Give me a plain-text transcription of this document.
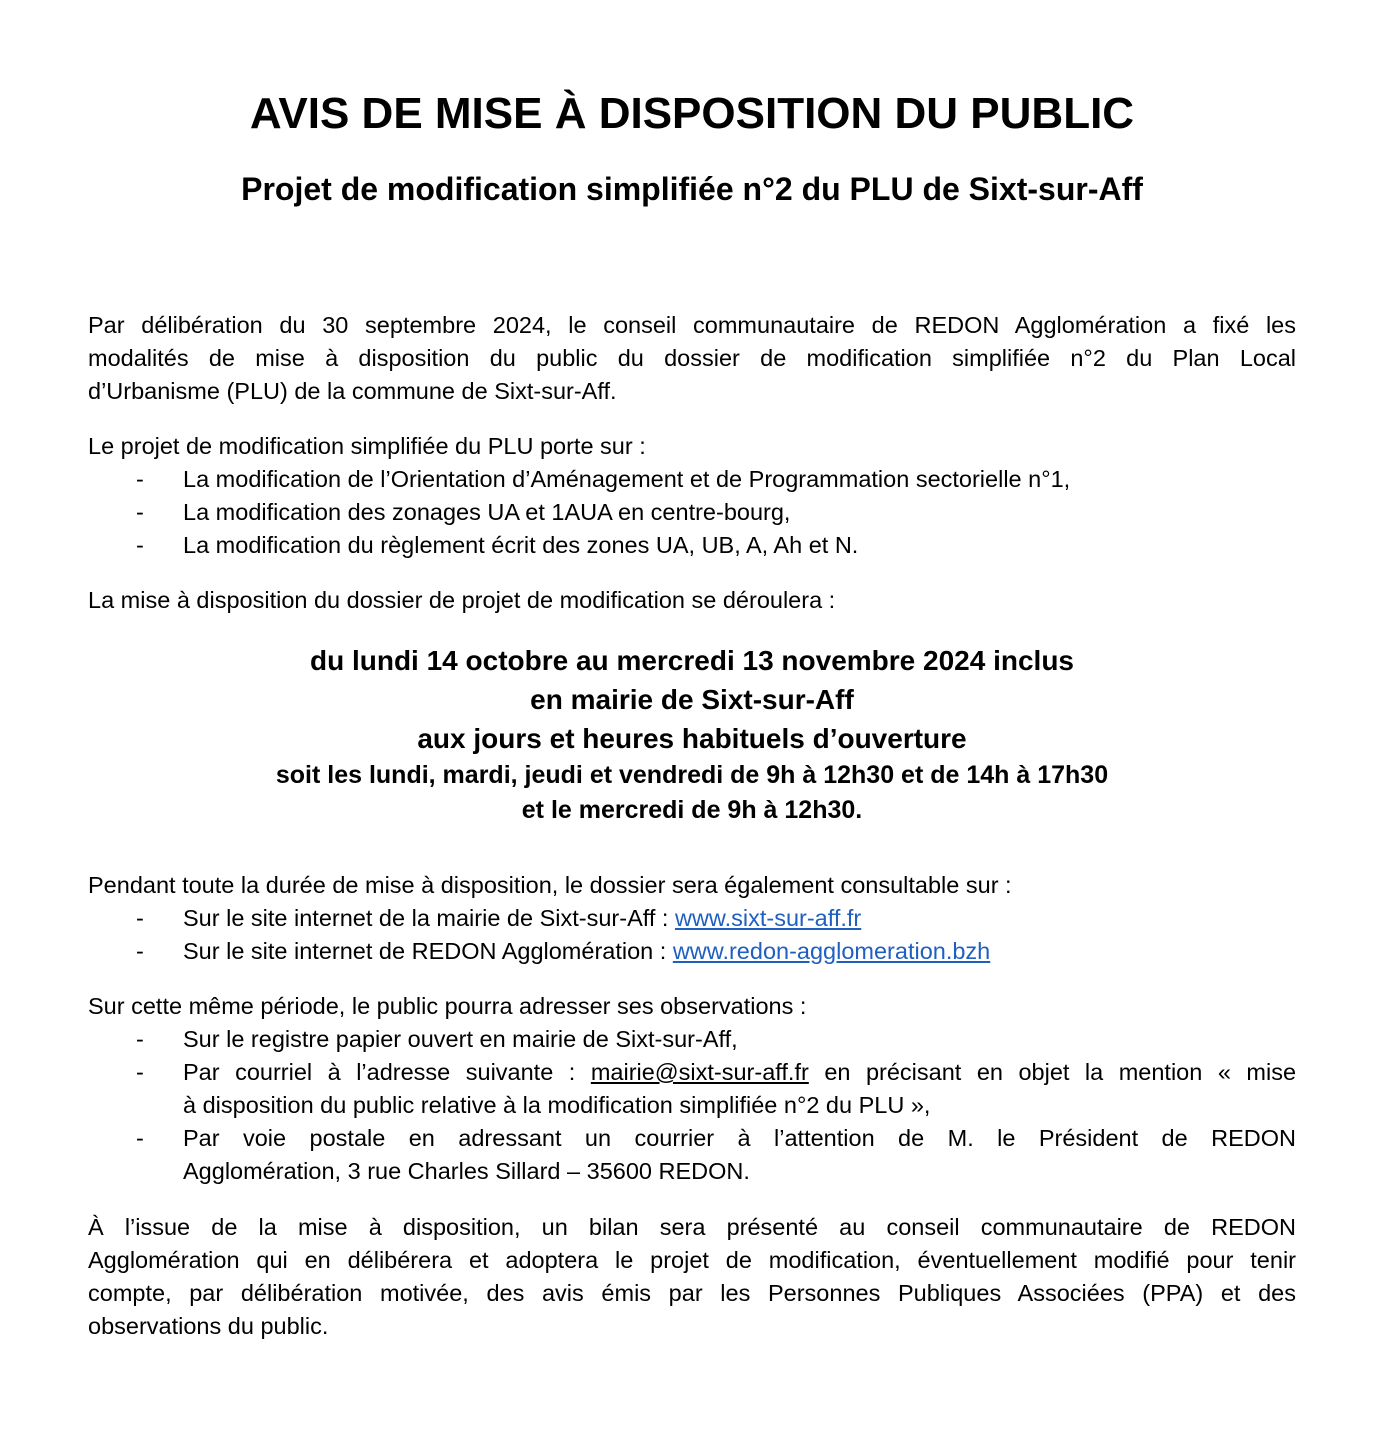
AVIS DE MISE À DISPOSITION DU PUBLIC
Projet de modification simplifiée n°2 du PLU de Sixt-sur-Aff
Par délibération du 30 septembre 2024, le conseil communautaire de REDON Agglomération a fixé les
modalités de mise à disposition du public du dossier de modification simplifiée n°2 du Plan Local
d’Urbanisme (PLU) de la commune de Sixt-sur-Aff.

Le projet de modification simplifiée du PLU porte sur :

- La modification de l’Orientation d’Aménagement et de Programmation sectorielle n°1,
- La modification des zonages UA et 1AUA en centre-bourg,
- La modification du règlement écrit des zones UA, UB, A, Ah et N.

La mise à disposition du dossier de projet de modification se déroulera :

du lundi 14 octobre au mercredi 13 novembre 2024 inclus
en mairie de Sixt-sur-Aff
aux jours et heures habituels d’ouverture
soit les lundi, mardi, jeudi et vendredi de 9h à 12h30 et de 14h à 17h30
et le mercredi de 9h à 12h30.

Pendant toute la durée de mise à disposition, le dossier sera également consultable sur :

- Sur le site internet de la mairie de Sixt-sur-Aff : www.sixt-sur-aff.fr
- Sur le site internet de REDON Agglomération : www.redon-agglomeration.bzh

Sur cette même période, le public pourra adresser ses observations :

- Sur le registre papier ouvert en mairie de Sixt-sur-Aff,
- Par courriel à l’adresse suivante : mairie@sixt-sur-aff.fr en précisant en objet la mention « mise
à disposition du public relative à la modification simplifiée n°2 du PLU »,
- Par voie postale en adressant un courrier à l’attention de M. le Président de REDON
Agglomération, 3 rue Charles Sillard – 35600 REDON.
À l’issue de la mise à disposition, un bilan sera présenté au conseil communautaire de REDON
Agglomération qui en délibérera et adoptera le projet de modification, éventuellement modifié pour tenir
compte, par délibération motivée, des avis émis par les Personnes Publiques Associées (PPA) et des
observations du public.
